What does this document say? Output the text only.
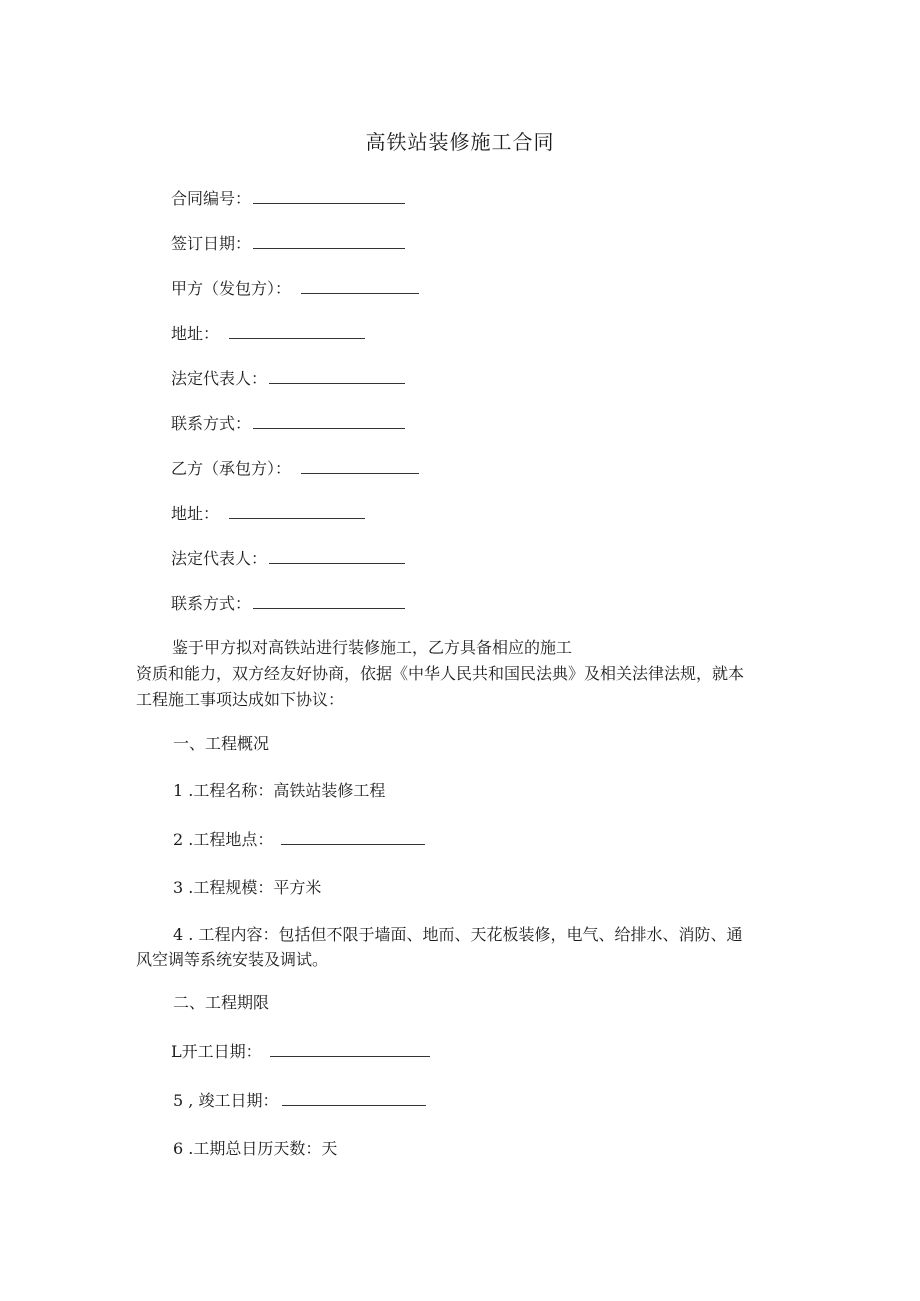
高铁站装修施工合同
合同编号：
签订日期：
甲方（发包方）：
地址：
法定代表人：
联系方式：
乙方（承包方）：
地址：
法定代表人：
联系方式：

鉴于甲方拟对高铁站进行装修施工，乙方具备相应的施工

资质和能力，双方经友好协商，依据《中华人民共和国民法典》及相关法律法规，就本

工程施工事项达成如下协议：

一、工程概况
1 .工程名称：高铁站装修工程
2 .工程地点：
3 .工程规模：平方米

4 . 工程内容：包括但不限于墙面、地而、天花板装修，电气、给排水、消防、通

风空调等系统安装及调试。

二、工程期限
L开工日期：
5 , 竣工日期：
6 .工期总日历天数：天
